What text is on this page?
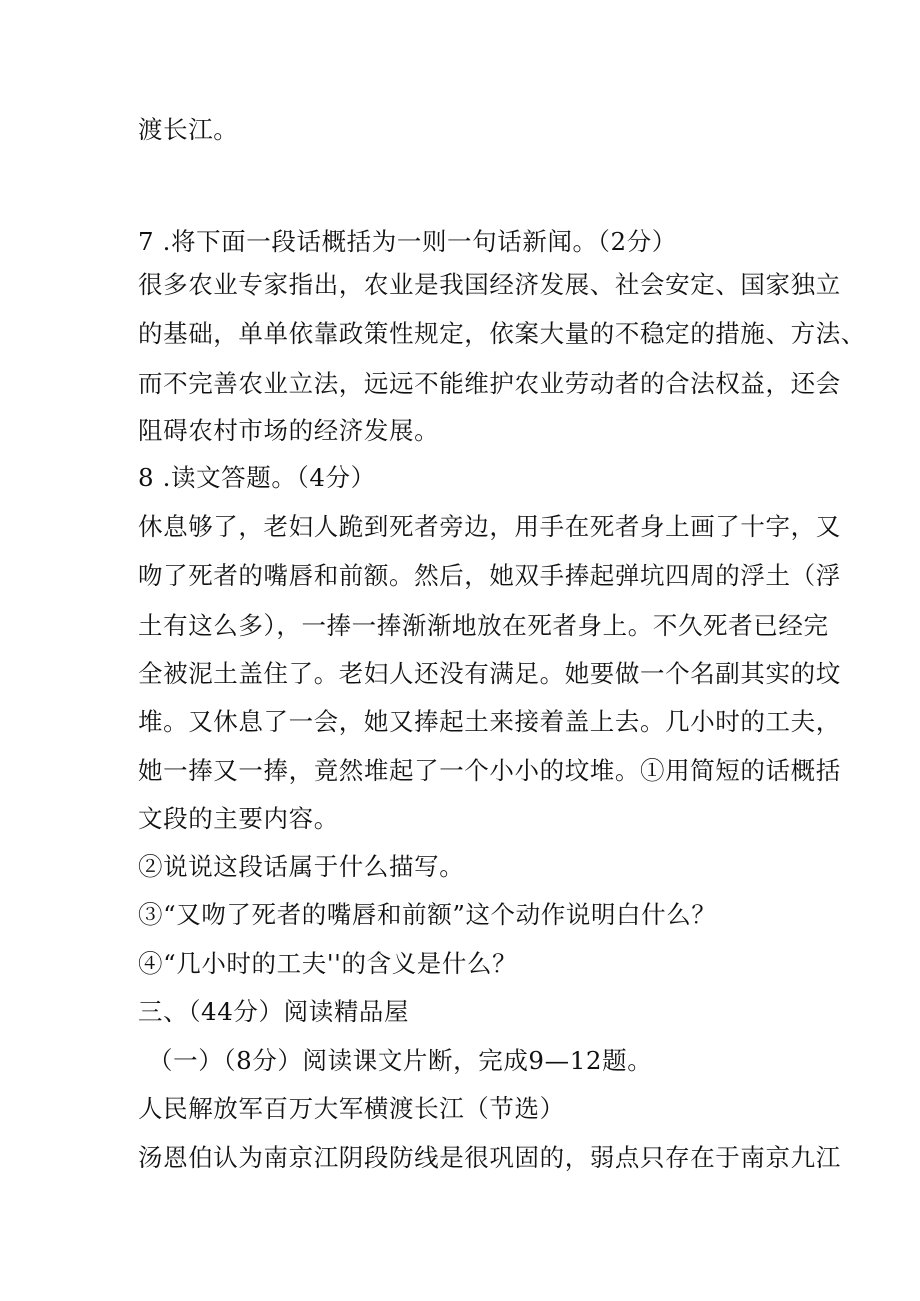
渡长江。
7 .将下面一段话概括为一则一句话新闻。（2分）
很多农业专家指出，农业是我国经济发展、社会安定、国家独立
的基础，单单依靠政策性规定，依案大量的不稳定的措施、方法、
而不完善农业立法，远远不能维护农业劳动者的合法权益，还会
阻碍农村市场的经济发展。
8 .读文答题。（4分）
休息够了，老妇人跪到死者旁边，用手在死者身上画了十字，又
吻了死者的嘴唇和前额。然后，她双手捧起弹坑四周的浮土（浮
土有这么多），一捧一捧渐渐地放在死者身上。不久死者已经完
全被泥土盖住了。老妇人还没有满足。她要做一个名副其实的坟
堆。又休息了一会，她又捧起土来接着盖上去。几小时的工夫，
她一捧又一捧，竟然堆起了一个小小的坟堆。①用简短的话概括
文段的主要内容。
②说说这段话属于什么描写。
③“又吻了死者的嘴唇和前额”这个动作说明白什么？
④“几小时的工夫''的含义是什么？
三、（44分）阅读精品屋
（一）（8分）阅读课文片断，完成9—12题。
人民解放军百万大军横渡长江（节选）
汤恩伯认为南京江阴段防线是很巩固的，弱点只存在于南京九江
